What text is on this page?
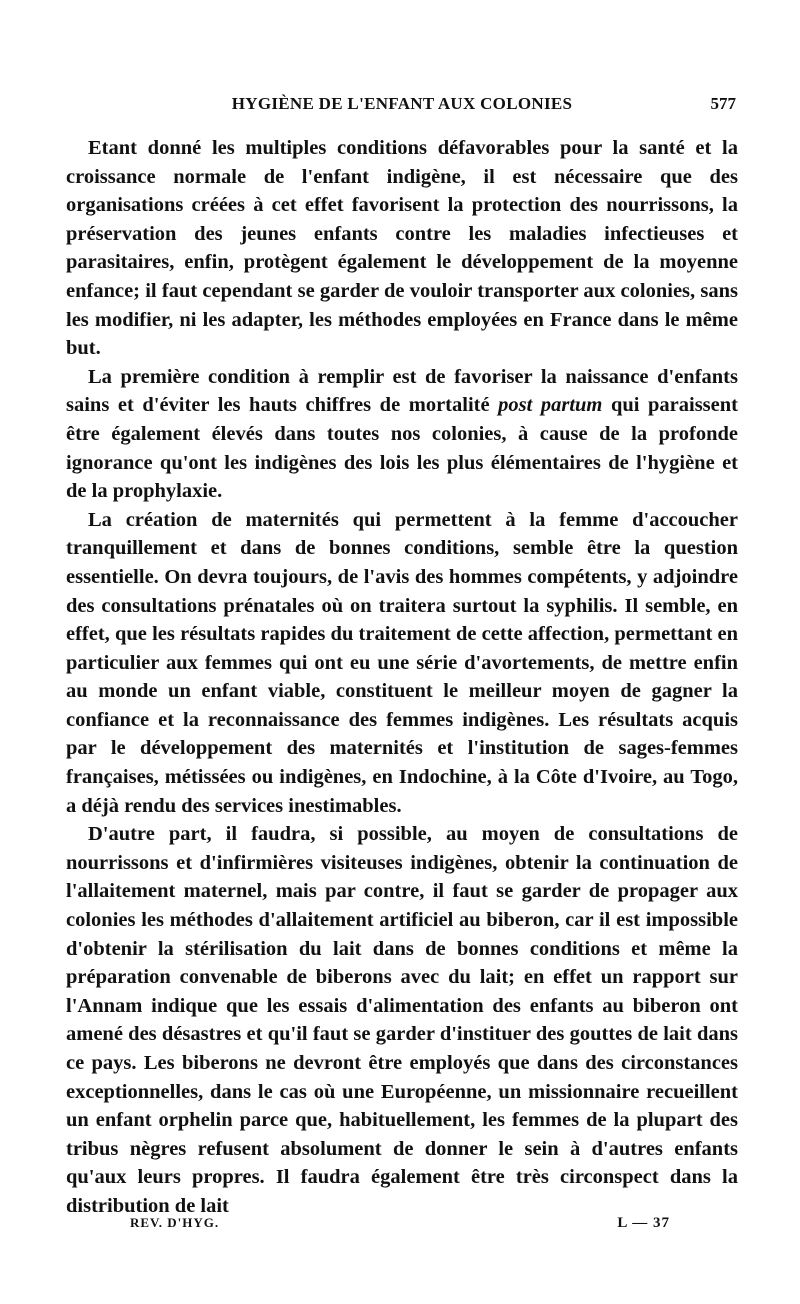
HYGIÈNE DE L'ENFANT AUX COLONIES	577

Etant donné les multiples conditions défavorables pour la santé et la croissance normale de l'enfant indigène, il est nécessaire que des organisations créées à cet effet favorisent la protection des nourrissons, la préservation des jeunes enfants contre les maladies infectieuses et parasitaires, enfin, protègent également le développement de la moyenne enfance; il faut cependant se garder de vouloir transporter aux colonies, sans les modifier, ni les adapter, les méthodes employées en France dans le même but.

La première condition à remplir est de favoriser la naissance d'enfants sains et d'éviter les hauts chiffres de mortalité post partum qui paraissent être également élevés dans toutes nos colonies, à cause de la profonde ignorance qu'ont les indigènes des lois les plus élémentaires de l'hygiène et de la prophylaxie.

La création de maternités qui permettent à la femme d'accoucher tranquillement et dans de bonnes conditions, semble être la question essentielle. On devra toujours, de l'avis des hommes compétents, y adjoindre des consultations prénatales où on traitera surtout la syphilis. Il semble, en effet, que les résultats rapides du traitement de cette affection, permettant en particulier aux femmes qui ont eu une série d'avortements, de mettre enfin au monde un enfant viable, constituent le meilleur moyen de gagner la confiance et la reconnaissance des femmes indigènes. Les résultats acquis par le développement des maternités et l'institution de sages-femmes françaises, métissées ou indigènes, en Indochine, à la Côte d'Ivoire, au Togo, a déjà rendu des services inestimables.

D'autre part, il faudra, si possible, au moyen de consultations de nourrissons et d'infirmières visiteuses indigènes, obtenir la continuation de l'allaitement maternel, mais par contre, il faut se garder de propager aux colonies les méthodes d'allaitement artificiel au biberon, car il est impossible d'obtenir la stérilisation du lait dans de bonnes conditions et même la préparation convenable de biberons avec du lait; en effet un rapport sur l'Annam indique que les essais d'alimentation des enfants au biberon ont amené des désastres et qu'il faut se garder d'instituer des gouttes de lait dans ce pays. Les biberons ne devront être employés que dans des circonstances exceptionnelles, dans le cas où une Européenne, un missionnaire recueillent un enfant orphelin parce que, habituellement, les femmes de la plupart des tribus nègres refusent absolument de donner le sein à d'autres enfants qu'aux leurs propres. Il faudra également être très circonspect dans la distribution de lait

REV. D'HYG.	L — 37
